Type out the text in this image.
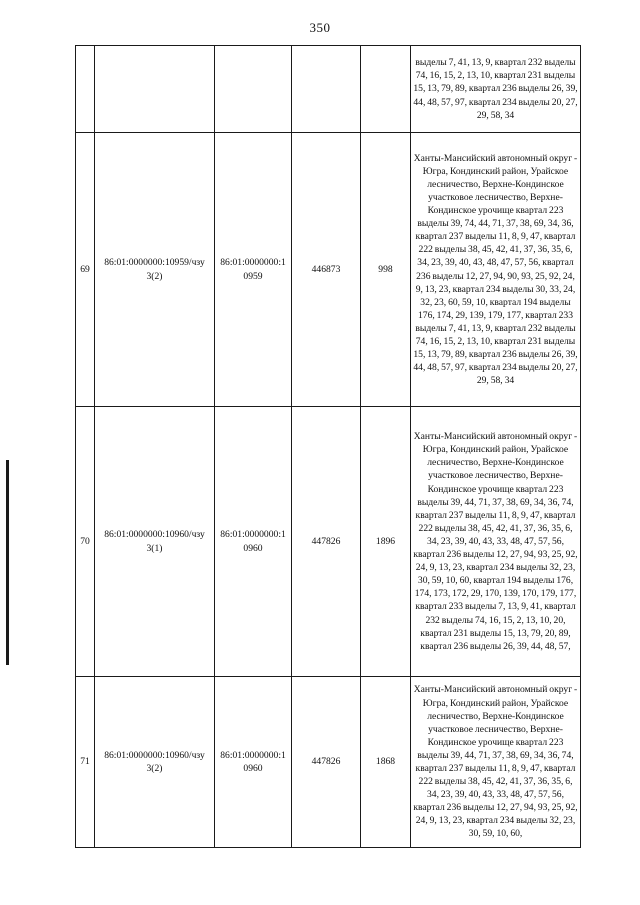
350
					выделы 7, 41, 13, 9, квартал 232 выделы 74, 16, 15, 2, 13, 10, квартал 231 выделы 15, 13, 79, 89, квартал 236 выделы 26, 39, 44, 48, 57, 97, квартал 234 выделы 20, 27, 29, 58, 34
69	86:01:0000000:10959/чзу 3(2)	86:01:0000000:1 0959	446873	998	Ханты-Мансийский автономный округ - Югра, Кондинский район, Урайское лесничество, Верхне-Кондинское участковое лесничество, Верхне-Кондинское урочище квартал 223 выделы 39, 74, 44, 71, 37, 38, 69, 34, 36, квартал 237 выделы 11, 8, 9, 47, квартал 222 выделы 38, 45, 42, 41, 37, 36, 35, 6, 34, 23, 39, 40, 43, 48, 47, 57, 56, квартал 236 выделы 12, 27, 94, 90, 93, 25, 92, 24, 9, 13, 23, квартал 234 выделы 30, 33, 24, 32, 23, 60, 59, 10, квартал 194 выделы 176, 174, 29, 139, 179, 177, квартал 233 выделы 7, 41, 13, 9, квартал 232 выделы 74, 16, 15, 2, 13, 10, квартал 231 выделы 15, 13, 79, 89, квартал 236 выделы 26, 39, 44, 48, 57, 97, квартал 234 выделы 20, 27, 29, 58, 34
70	86:01:0000000:10960/чзу 3(1)	86:01:0000000:1 0960	447826	1896	Ханты-Мансийский автономный округ - Югра, Кондинский район, Урайское лесничество, Верхне-Кондинское участковое лесничество, Верхне-Кондинское урочище квартал 223 выделы 39, 44, 71, 37, 38, 69, 34, 36, 74, квартал 237 выделы 11, 8, 9, 47, квартал 222 выделы 38, 45, 42, 41, 37, 36, 35, 6, 34, 23, 39, 40, 43, 33, 48, 47, 57, 56, квартал 236 выделы 12, 27, 94, 93, 25, 92, 24, 9, 13, 23, квартал 234 выделы 32, 23, 30, 59, 10, 60, квартал 194 выделы 176, 174, 173, 172, 29, 170, 139, 170, 179, 177, квартал 233 выделы 7, 13, 9, 41, квартал 232 выделы 74, 16, 15, 2, 13, 10, 20, квартал 231 выделы 15, 13, 79, 20, 89, квартал 236 выделы 26, 39, 44, 48, 57,
71	86:01:0000000:10960/чзу 3(2)	86:01:0000000:1 0960	447826	1868	Ханты-Мансийский автономный округ - Югра, Кондинский район, Урайское лесничество, Верхне-Кондинское участковое лесничество, Верхне-Кондинское урочище квартал 223 выделы 39, 44, 71, 37, 38, 69, 34, 36, 74, квартал 237 выделы 11, 8, 9, 47, квартал 222 выделы 38, 45, 42, 41, 37, 36, 35, 6, 34, 23, 39, 40, 43, 33, 48, 47, 57, 56, квартал 236 выделы 12, 27, 94, 93, 25, 92, 24, 9, 13, 23, квартал 234 выделы 32, 23, 30, 59, 10, 60,
